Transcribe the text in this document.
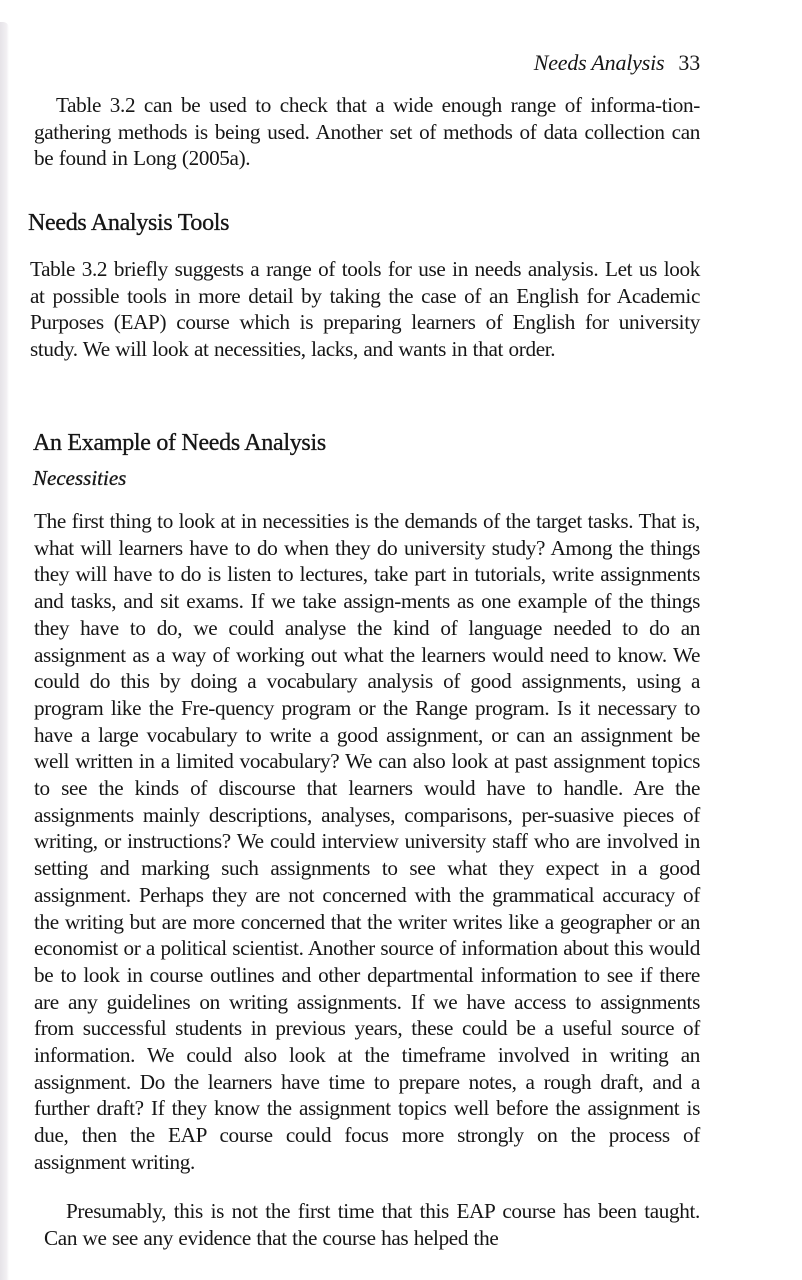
Needs Analysis 33

Table 3.2 can be used to check that a wide enough range of informa-tion-gathering methods is being used. Another set of methods of data collection can be found in Long (2005a).

Needs Analysis Tools

Table 3.2 briefly suggests a range of tools for use in needs analysis. Let us look at possible tools in more detail by taking the case of an English for Academic Purposes (EAP) course which is preparing learners of English for university study. We will look at necessities, lacks, and wants in that order.

An Example of Needs Analysis
Necessities

The first thing to look at in necessities is the demands of the target tasks. That is, what will learners have to do when they do university study? Among the things they will have to do is listen to lectures, take part in tutorials, write assignments and tasks, and sit exams. If we take assign-ments as one example of the things they have to do, we could analyse the kind of language needed to do an assignment as a way of working out what the learners would need to know. We could do this by doing a vocabulary analysis of good assignments, using a program like the Fre-quency program or the Range program. Is it necessary to have a large vocabulary to write a good assignment, or can an assignment be well written in a limited vocabulary? We can also look at past assignment topics to see the kinds of discourse that learners would have to handle. Are the assignments mainly descriptions, analyses, comparisons, per-suasive pieces of writing, or instructions? We could interview university staff who are involved in setting and marking such assignments to see what they expect in a good assignment. Perhaps they are not concerned with the grammatical accuracy of the writing but are more concerned that the writer writes like a geographer or an economist or a political scientist. Another source of information about this would be to look in course outlines and other departmental information to see if there are any guidelines on writing assignments. If we have access to assignments from successful students in previous years, these could be a useful source of information. We could also look at the timeframe involved in writing an assignment. Do the learners have time to prepare notes, a rough draft, and a further draft? If they know the assignment topics well before the assignment is due, then the EAP course could focus more strongly on the process of assignment writing.

Presumably, this is not the first time that this EAP course has been taught. Can we see any evidence that the course has helped the
